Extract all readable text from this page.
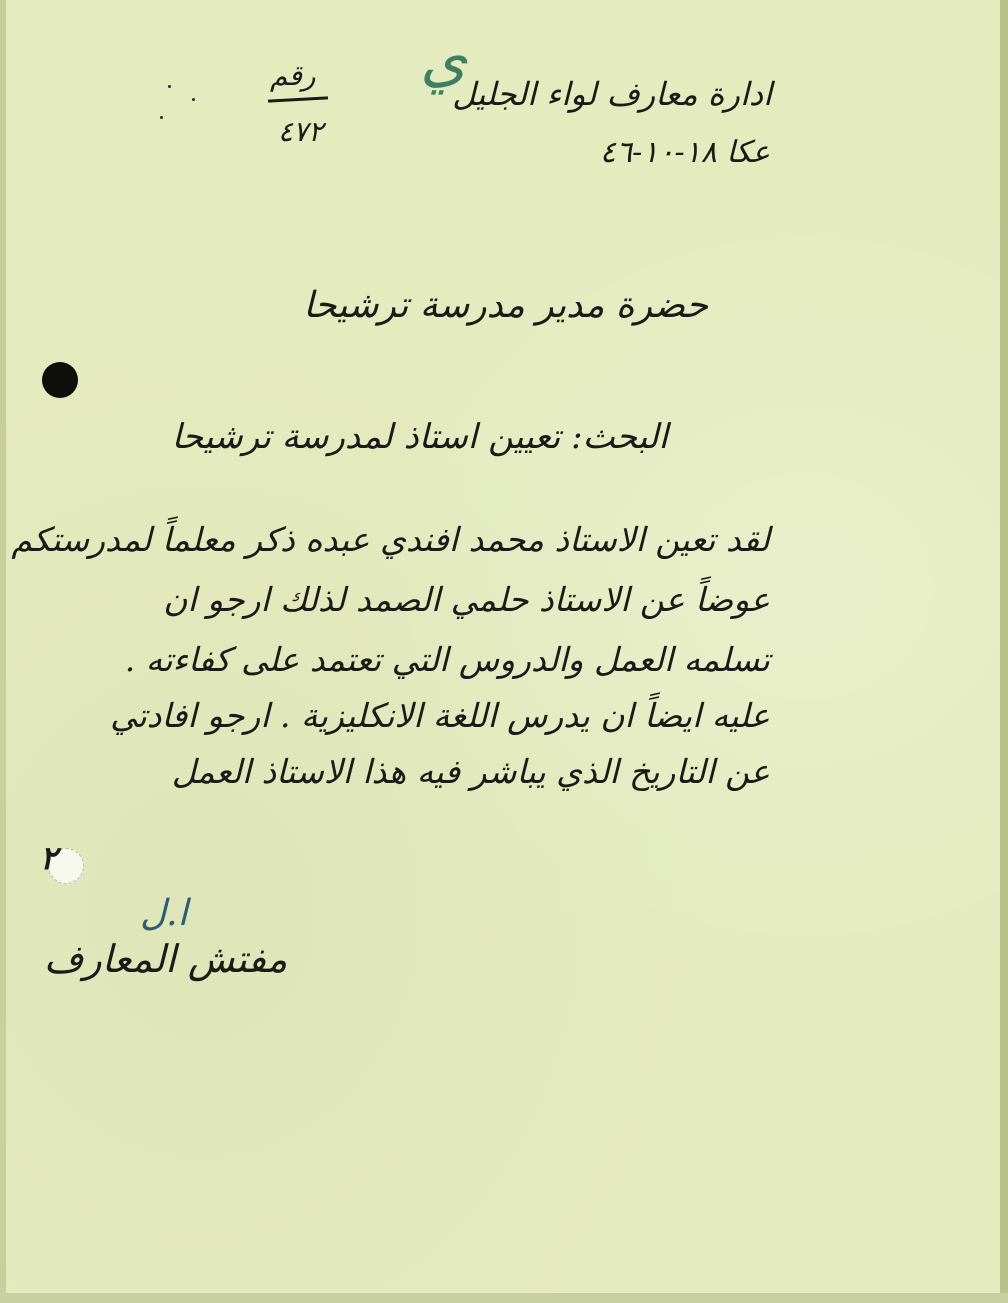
ي
ادارة معارف لواء الجليل
عكا ١٨-١٠-٤٦
رقم
٤٧٢
حضرة مدير مدرسة ترشيحا
البحث: تعيين استاذ لمدرسة ترشيحا
لقد تعين الاستاذ محمد افندي عبده ذكر معلماً لمدرستكم
عوضاً عن الاستاذ حلمي الصمد لذلك ارجو ان
تسلمه العمل والدروس التي تعتمد على كفاءته .
عليه ايضاً ان يدرس اللغة الانكليزية . ارجو افادتي
عن التاريخ الذي يباشر فيه هذا الاستاذ العمل
٢
ا.ل
مفتش المعارف
